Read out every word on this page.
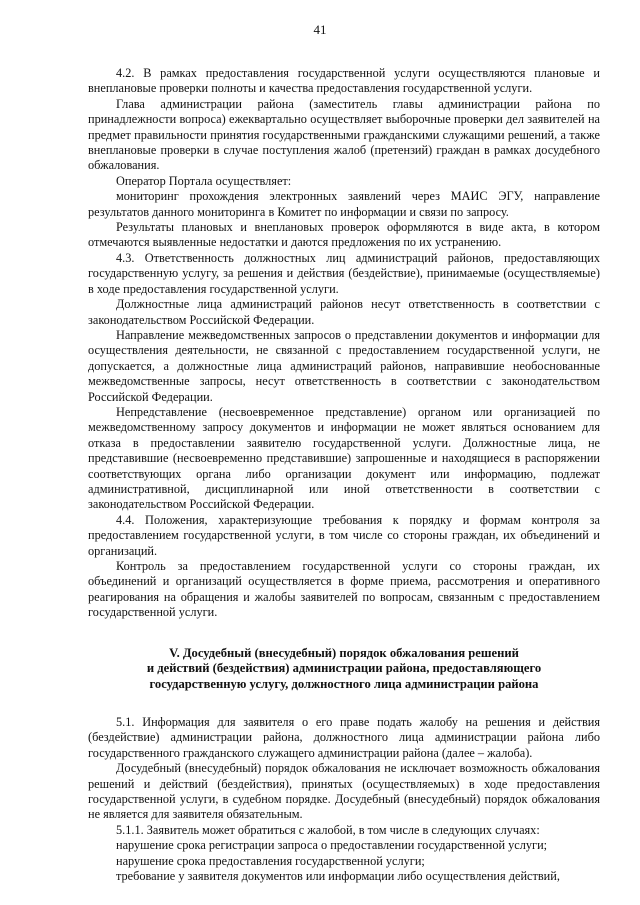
41

4.2. В рамках предоставления государственной услуги осуществляются плановые и внеплановые проверки полноты и качества предоставления государственной услуги.

Глава администрации района (заместитель главы администрации района по принадлежности вопроса) ежеквартально осуществляет выборочные проверки дел заявителей на предмет правильности принятия государственными гражданскими служащими решений, а также внеплановые проверки в случае поступления жалоб (претензий) граждан в рамках досудебного обжалования.

Оператор Портала осуществляет:

мониторинг прохождения электронных заявлений через МАИС ЭГУ, направление результатов данного мониторинга в Комитет по информации и связи по запросу.

Результаты плановых и внеплановых проверок оформляются в виде акта, в котором отмечаются выявленные недостатки и даются предложения по их устранению.

4.3. Ответственность должностных лиц администраций районов, предоставляющих государственную услугу, за решения и действия (бездействие), принимаемые (осуществляемые) в ходе предоставления государственной услуги.

Должностные лица администраций районов несут ответственность в соответствии с законодательством Российской Федерации.

Направление межведомственных запросов о представлении документов и информации для осуществления деятельности, не связанной с предоставлением государственной услуги, не допускается, а должностные лица администраций районов, направившие необоснованные межведомственные запросы, несут ответственность в соответствии с законодательством Российской Федерации.

Непредставление (несвоевременное представление) органом или организацией по межведомственному запросу документов и информации не может являться основанием для отказа в предоставлении заявителю государственной услуги. Должностные лица, не представившие (несвоевременно представившие) запрошенные и находящиеся в распоряжении соответствующих органа либо организации документ или информацию, подлежат административной, дисциплинарной или иной ответственности в соответствии с законодательством Российской Федерации.

4.4. Положения, характеризующие требования к порядку и формам контроля за предоставлением государственной услуги, в том числе со стороны граждан, их объединений и организаций.

Контроль за предоставлением государственной услуги со стороны граждан, их объединений и организаций осуществляется в форме приема, рассмотрения и оперативного реагирования на обращения и жалобы заявителей по вопросам, связанным с предоставлением государственной услуги.

V. Досудебный (внесудебный) порядок обжалования решений
и действий (бездействия) администрации района, предоставляющего
государственную услугу, должностного лица администрации района

5.1. Информация для заявителя о его праве подать жалобу на решения и действия (бездействие) администрации района, должностного лица администрации района либо государственного гражданского служащего администрации района (далее – жалоба).

Досудебный (внесудебный) порядок обжалования не исключает возможность обжалования решений и действий (бездействия), принятых (осуществляемых) в ходе предоставления государственной услуги, в судебном порядке. Досудебный (внесудебный) порядок обжалования не является для заявителя обязательным.

5.1.1. Заявитель может обратиться с жалобой, в том числе в следующих случаях:

нарушение срока регистрации запроса о предоставлении государственной услуги;

нарушение срока предоставления государственной услуги;

требование у заявителя документов или информации либо осуществления действий,
